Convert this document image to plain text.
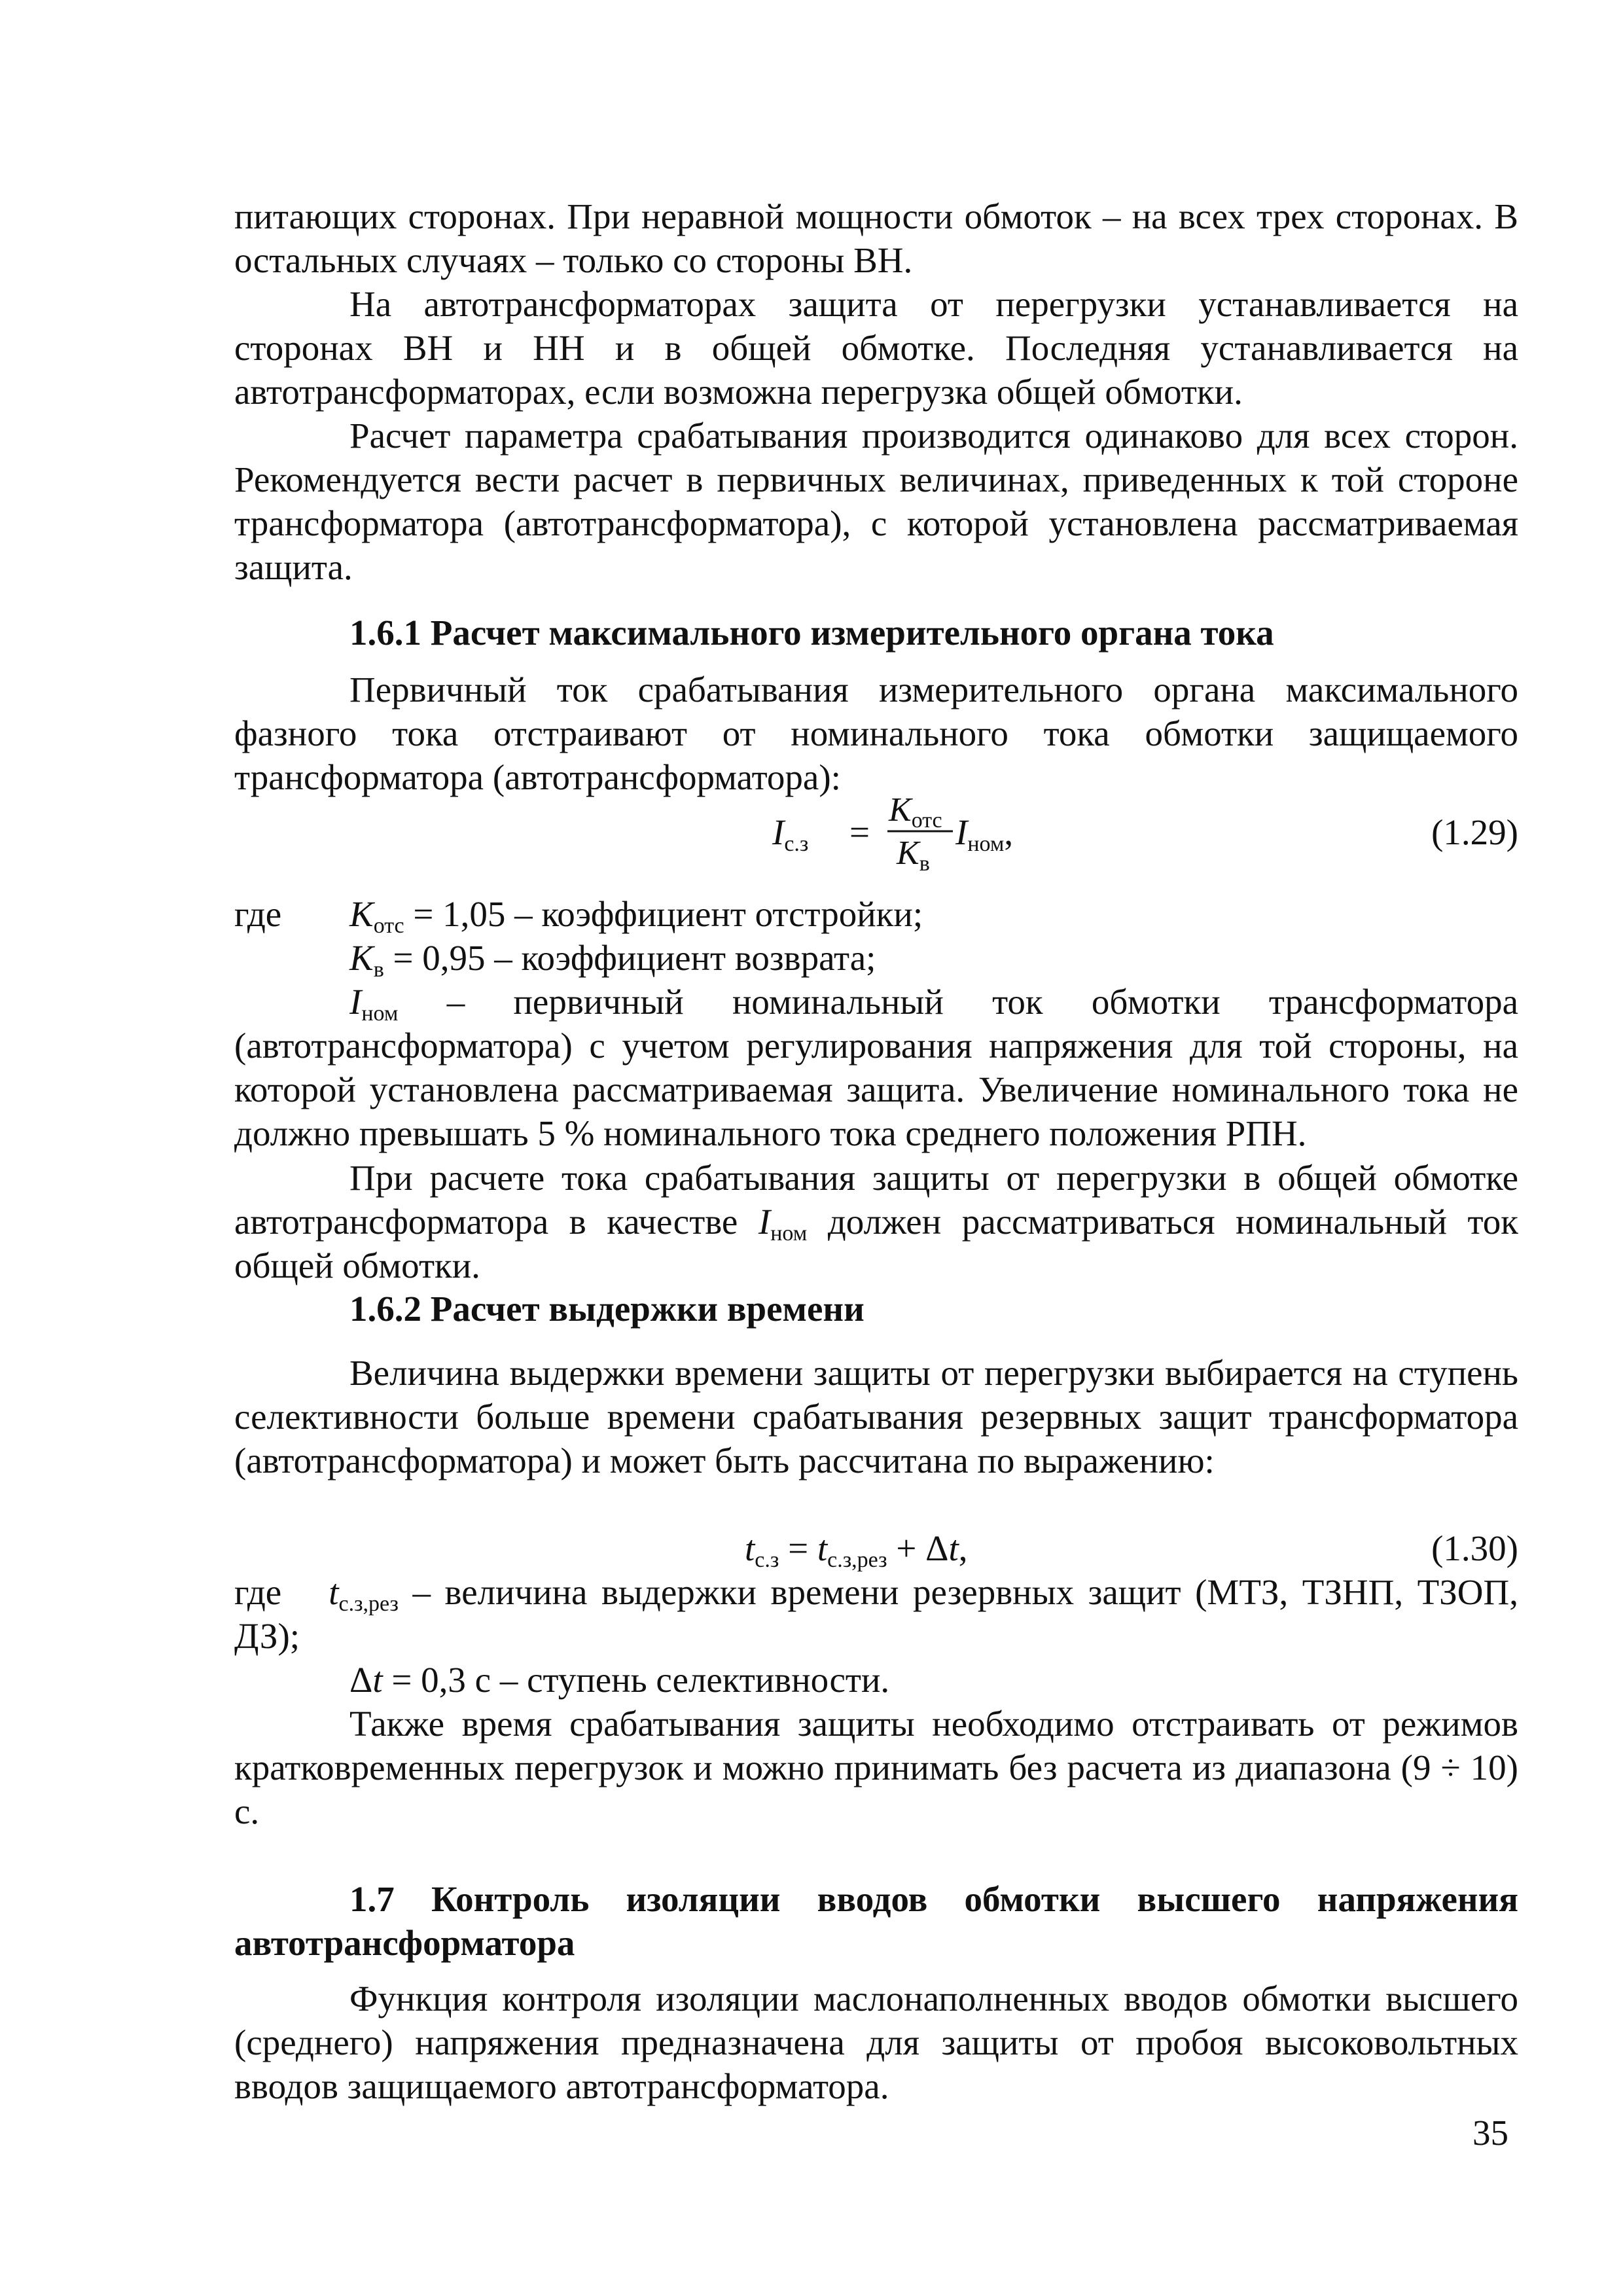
питающих сторонах. При неравной мощности обмоток – на всех трех сторонах. В остальных случаях – только со стороны ВН.

На автотрансформаторах защита от перегрузки устанавливается на сторонах ВН и НН и в общей обмотке. Последняя устанавливается на автотрансформаторах, если возможна перегрузка общей обмотки.

Расчет параметра срабатывания производится одинаково для всех сторон. Рекомендуется вести расчет в первичных величинах, приведенных к той стороне трансформатора (автотрансформатора), с которой установлена рассматриваемая защита.

1.6.1 Расчет максимального измерительного органа тока

Первичный ток срабатывания измерительного органа максимального фазного тока отстраивают от номинального тока обмотки защищаемого трансформатора (автотрансформатора):

$I_{с.з}$ =
$K_{отс}$
$K_в$
$I_{ном}$,	(1.29)
где $K_{отс} = 1,05$ – коэффициент отстройки;
$K_в = 0,95$ – коэффициент возврата;

$I_{ном}$ – первичный номинальный ток обмотки трансформатора (автотрансформатора) с учетом регулирования напряжения для той стороны, на которой установлена рассматриваемая защита. Увеличение номинального тока не должно превышать 5 % номинального тока среднего положения РПН.

При расчете тока срабатывания защиты от перегрузки в общей обмотке автотрансформатора в качестве $I_{ном}$ должен рассматриваться номинальный ток общей обмотки.

1.6.2 Расчет выдержки времени

Величина выдержки времени защиты от перегрузки выбирается на ступень селективности больше времени срабатывания резервных защит трансформатора (автотрансформатора) и может быть рассчитана по выражению:

$t_{с.з} = t_{с.з,рез} + \Delta t$,	(1.30)

где $t_{с.з,рез}$ – величина выдержки времени резервных защит (МТЗ, ТЗНП, ТЗОП, ДЗ);

Δt = 0,3 с – ступень селективности.

Также время срабатывания защиты необходимо отстраивать от режимов кратковременных перегрузок и можно принимать без расчета из диапазона (9 ÷ 10) с.

1.7 Контроль изоляции вводов обмотки высшего напряжения автотрансформатора

Функция контроля изоляции маслонаполненных вводов обмотки высшего (среднего) напряжения предназначена для защиты от пробоя высоковольтных вводов защищаемого автотрансформатора.

35
